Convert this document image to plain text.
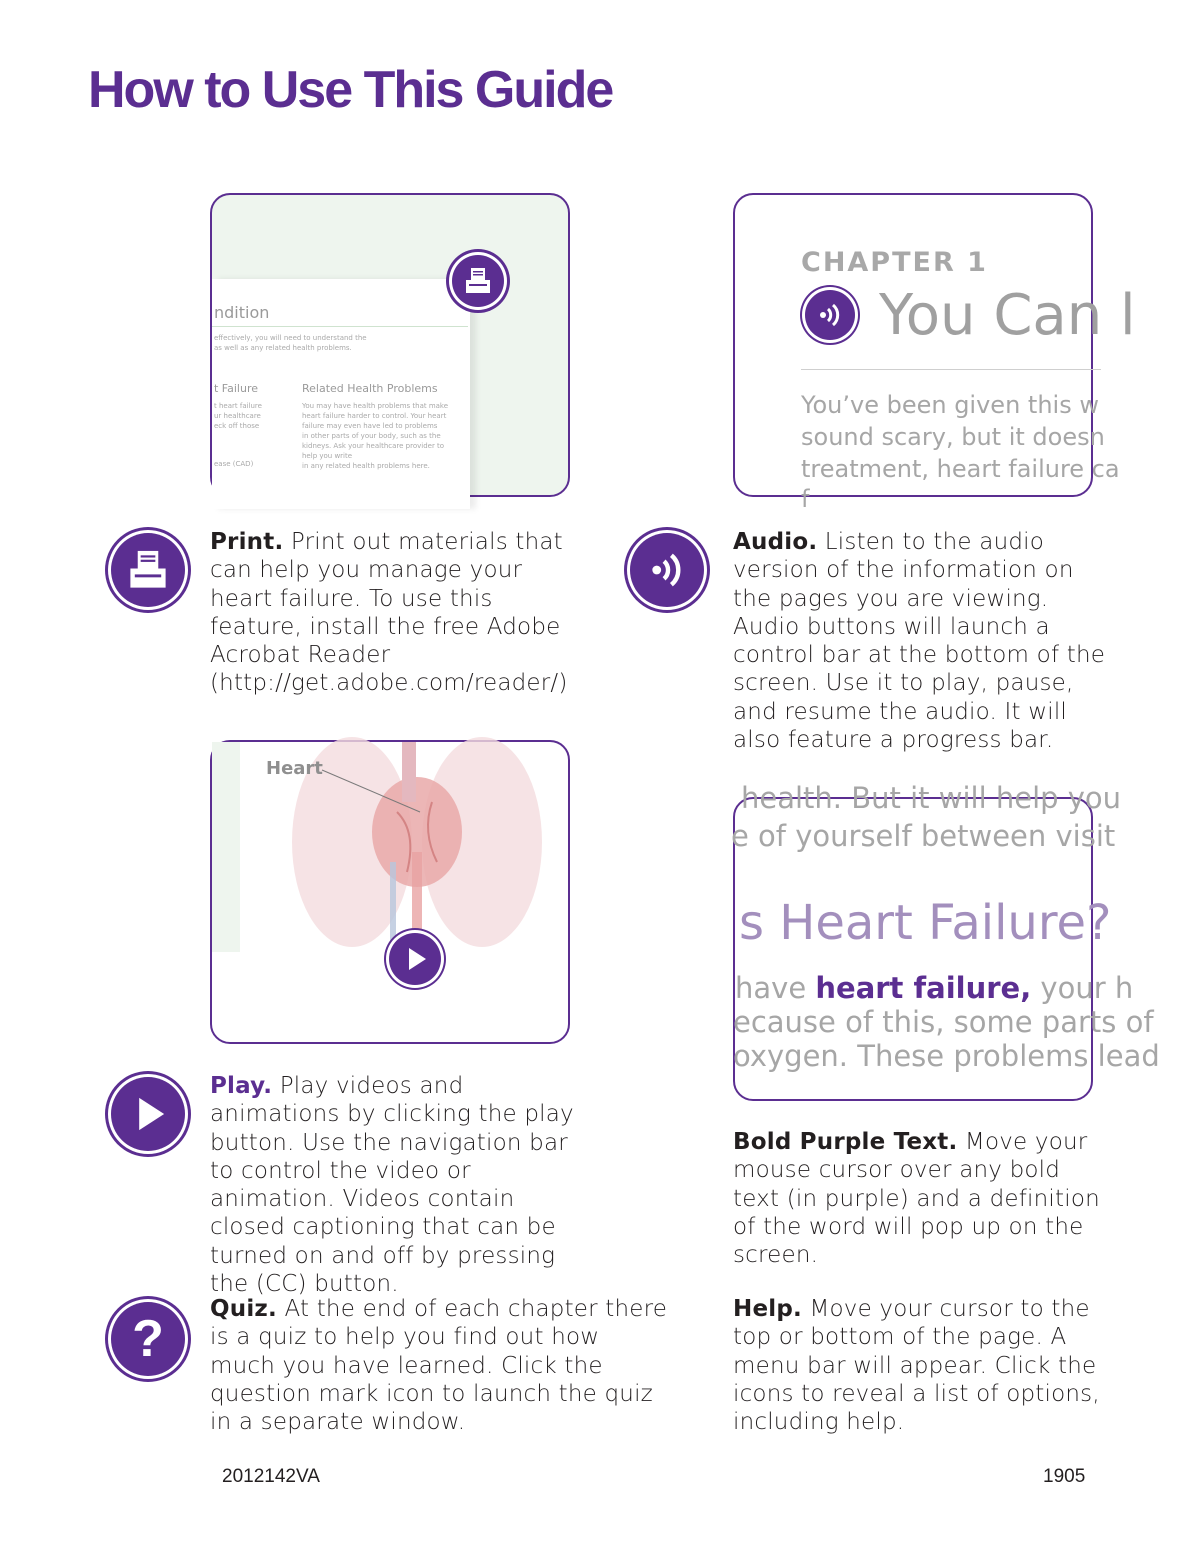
How to Use This Guide
ndition
effectively, you will need to understand the
as well as any related health problems.
t Failure
t heart failure
ur healthcare
eck off those
ease (CAD)
Related Health Problems
You may have health problems that make
heart failure harder to control. Your heart
failure may even have led to problems
in other parts of your body, such as the
kidneys. Ask your healthcare provider to
help you write
in any related health problems here.
CHAPTER 1
You Can l
You’ve been given this w
sound scary, but it doesn
treatment, heart failure ca
f

Print. Print out materials that can help you manage your heart failure. To use this feature, install the free Adobe Acrobat Reader (http://get.adobe.com/reader/)

Audio. Listen to the audio version of the information on the pages you are viewing. Audio buttons will launch a control bar at the bottom of the screen. Use it to play, pause, and resume the audio. It will also feature a progress bar.

Heart
health. But it will help you
e of yourself between visit
s Heart Failure?
have heart failure, your h
ecause of this, some parts of
oxygen. These problems lead

Play. Play videos and animations by clicking the play button. Use the navigation bar to control the video or animation. Videos contain closed captioning that can be turned on and off by pressing the (CC) button.

Bold Purple Text. Move your mouse cursor over any bold text (in purple) and a definition of the word will pop up on the screen.

?

Quiz. At the end of each chapter there is a quiz to help you find out how much you have learned. Click the question mark icon to launch the quiz in a separate window.

Help. Move your cursor to the top or bottom of the page. A menu bar will appear. Click the icons to reveal a list of options, including help.

2012142VA	1905
